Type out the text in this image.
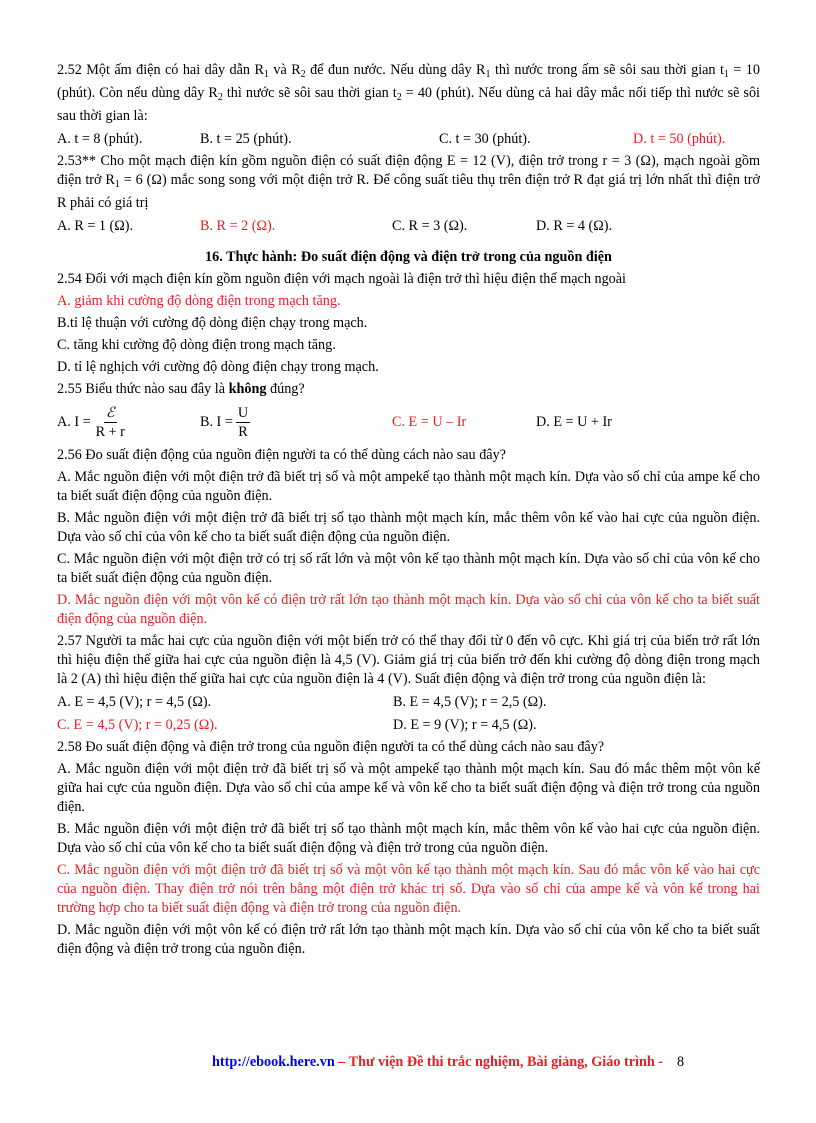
2.52 Một ấm điện có hai dây dẫn $R_1$ và $R_2$ để đun nước. Nếu dùng dây $R_1$ thì nước trong ấm sẽ sôi sau thời gian $t_1 = 10$ (phút). Còn nếu dùng dây $R_2$ thì nước sẽ sôi sau thời gian $t_2 = 40$ (phút). Nếu dùng cả hai dây mắc nối tiếp thì nước sẽ sôi sau thời gian là:

A. t = 8 (phút).	B. t = 25 (phút).	C. t = 30 (phút).	D. t = 50 (phút).

2.53** Cho một mạch điện kín gồm nguồn điện có suất điện động E = 12 (V), điện trở trong r = 3 (Ω), mạch ngoài gồm điện trở $R_1 = 6$ (Ω) mắc song song với một điện trở R. Để công suất tiêu thụ trên điện trở R đạt giá trị lớn nhất thì điện trở R phải có giá trị

A. R = 1 (Ω).	B. R = 2 (Ω).	C. R = 3 (Ω).	D. R = 4 (Ω).
16. Thực hành: Đo suất điện động và điện trở trong của nguồn điện

2.54 Đối với mạch điện kín gồm nguồn điện với mạch ngoài là điện trở thì hiệu điện thế mạch ngoài

A. giảm khi cường độ dòng điện trong mạch tăng.

B.tỉ lệ thuận với cường độ dòng điện chạy trong mạch.

C. tăng khi cường độ dòng điện trong mạch tăng.

D. tỉ lệ nghịch với cường độ dòng điện chạy trong mạch.

2.55 Biểu thức nào sau đây là không đúng?

A. $I = \frac{\text{ℰ}}{R + r}$	B. $I = \frac{U}{R}$	C. E = U – Ir	D. E = U + Ir

2.56 Đo suất điện động của nguồn điện người ta có thể dùng cách nào sau đây?

A. Mắc nguồn điện với một điện trở đã biết trị số và một ampekế tạo thành một mạch kín. Dựa vào số chỉ của ampe kế cho ta biết suất điện động của nguồn điện.

B. Mắc nguồn điện với một điện trở đã biết trị số tạo thành một mạch kín, mắc thêm vôn kế vào hai cực của nguồn điện. Dựa vào số chỉ của vôn kế cho ta biết suất điện động của nguồn điện.

C. Mắc nguồn điện với một điện trở có trị số rất lớn và một vôn kế tạo thành một mạch kín. Dựa vào số chỉ của vôn kế cho ta biết suất điện động của nguồn điện.

D. Mắc nguồn điện với một vôn kế có điện trở rất lớn tạo thành một mạch kín. Dựa vào số chỉ của vôn kế cho ta biết suất điện động của nguồn điện.

2.57 Người ta mắc hai cực của nguồn điện với một biến trở có thể thay đổi từ 0 đến vô cực. Khi giá trị của biến trở rất lớn thì hiệu điện thế giữa hai cực của nguồn điện là 4,5 (V). Giảm giá trị của biến trở đến khi cường độ dòng điện trong mạch là 2 (A) thì hiệu điện thế giữa hai cực của nguồn điện là 4 (V). Suất điện động và điện trở trong của nguồn điện là:

A. E = 4,5 (V); r = 4,5 (Ω).	B. E = 4,5 (V); r = 2,5 (Ω).
C. E = 4,5 (V); r = 0,25 (Ω).	D. E = 9 (V); r = 4,5 (Ω).

2.58 Đo suất điện động và điện trở trong của nguồn điện người ta có thể dùng cách nào sau đây?

A. Mắc nguồn điện với một điện trở đã biết trị số và một ampekế tạo thành một mạch kín. Sau đó mắc thêm một vôn kế giữa hai cực của nguồn điện. Dựa vào số chỉ của ampe kế và vôn kế cho ta biết suất điện động và điện trở trong của nguồn điện.

B. Mắc nguồn điện với một điện trở đã biết trị số tạo thành một mạch kín, mắc thêm vôn kế vào hai cực của nguồn điện. Dựa vào số chỉ của vôn kế cho ta biết suất điện động và điện trở trong của nguồn điện.

C. Mắc nguồn điện với một điện trở đã biết trị số và một vôn kế tạo thành một mạch kín. Sau đó mắc vôn kế vào hai cực của nguồn điện. Thay điện trở nói trên bằng một điện trở khác trị số. Dựa vào số chỉ của ampe kế và vôn kế trong hai trường hợp cho ta biết suất điện động và điện trở trong của nguồn điện.

D. Mắc nguồn điện với một vôn kế có điện trở rất lớn tạo thành một mạch kín. Dựa vào số chỉ của vôn kế cho ta biết suất điện động và điện trở trong của nguồn điện.

http://ebook.here.vn – Thư viện Đề thi trắc nghiệm, Bài giảng, Giáo trình - 8
